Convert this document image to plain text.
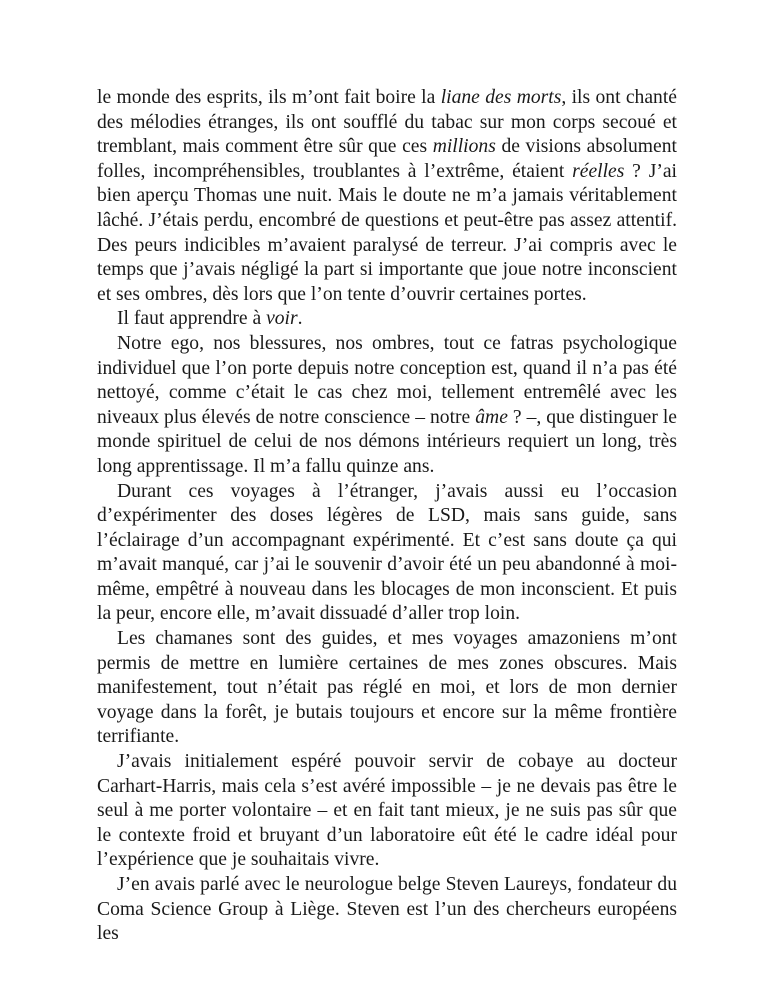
le monde des esprits, ils m’ont fait boire la liane des morts, ils ont chanté des mélodies étranges, ils ont soufflé du tabac sur mon corps secoué et tremblant, mais comment être sûr que ces millions de visions absolument folles, incompréhensibles, troublantes à l’extrême, étaient réelles ? J’ai bien aperçu Thomas une nuit. Mais le doute ne m’a jamais véritablement lâché. J’étais perdu, encombré de questions et peut-être pas assez attentif. Des peurs indicibles m’avaient paralysé de terreur. J’ai compris avec le temps que j’avais négligé la part si importante que joue notre inconscient et ses ombres, dès lors que l’on tente d’ouvrir certaines portes.

Il faut apprendre à voir.

Notre ego, nos blessures, nos ombres, tout ce fatras psychologique individuel que l’on porte depuis notre conception est, quand il n’a pas été nettoyé, comme c’était le cas chez moi, tellement entremêlé avec les niveaux plus élevés de notre conscience – notre âme ? –, que distinguer le monde spirituel de celui de nos démons intérieurs requiert un long, très long apprentissage. Il m’a fallu quinze ans.

Durant ces voyages à l’étranger, j’avais aussi eu l’occasion d’expérimenter des doses légères de LSD, mais sans guide, sans l’éclairage d’un accompagnant expérimenté. Et c’est sans doute ça qui m’avait manqué, car j’ai le souvenir d’avoir été un peu abandonné à moi-même, empêtré à nouveau dans les blocages de mon inconscient. Et puis la peur, encore elle, m’avait dissuadé d’aller trop loin.

Les chamanes sont des guides, et mes voyages amazoniens m’ont permis de mettre en lumière certaines de mes zones obscures. Mais manifestement, tout n’était pas réglé en moi, et lors de mon dernier voyage dans la forêt, je butais toujours et encore sur la même frontière terrifiante.

J’avais initialement espéré pouvoir servir de cobaye au docteur Carhart-Harris, mais cela s’est avéré impossible – je ne devais pas être le seul à me porter volontaire – et en fait tant mieux, je ne suis pas sûr que le contexte froid et bruyant d’un laboratoire eût été le cadre idéal pour l’expérience que je souhaitais vivre.

J’en avais parlé avec le neurologue belge Steven Laureys, fondateur du Coma Science Group à Liège. Steven est l’un des chercheurs européens les
